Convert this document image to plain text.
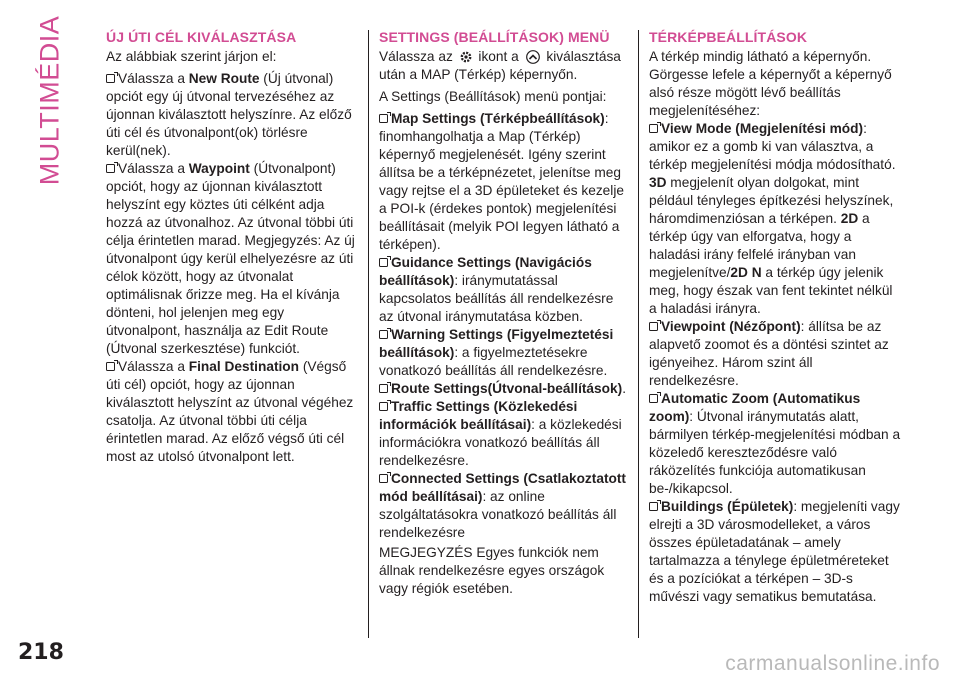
MULTIMÉDIA	ÚJ ÚTI CÉL KIVÁLASZTÁSA

Az alábbiak szerint járjon el:

Válassza a New Route (Új útvonal) opciót egy új útvonal tervezéséhez az újonnan kiválasztott helyszínre. Az előző úti cél és útvonalpont(ok) törlésre kerül(nek).
Válassza a Waypoint (Útvonalpont) opciót, hogy az újonnan kiválasztott helyszínt egy köztes úti célként adja hozzá az útvonalhoz. Az útvonal többi úti célja érintetlen marad. Megjegyzés: Az új útvonalpont úgy kerül elhelyezésre az úti célok között, hogy az útvonalat optimálisnak őrizze meg. Ha el kívánja dönteni, hol jelenjen meg egy útvonalpont, használja az Edit Route (Útvonal szerkesztése) funkciót.
Válassza a Final Destination (Végső úti cél) opciót, hogy az újonnan kiválasztott helyszínt az útvonal végéhez csatolja. Az útvonal többi úti célja érintetlen marad. Az előző végső úti cél most az utolsó útvonalpont lett.
SETTINGS (BEÁLLÍTÁSOK) MENÜ

Válassza az  ikont a  kiválasztása után a MAP (Térkép) képernyőn.

A Settings (Beállítások) menü pontjai:

Map Settings (Térképbeállítások): finomhangolhatja a Map (Térkép) képernyő megjelenését. Igény szerint állítsa be a térképnézetet, jelenítse meg vagy rejtse el a 3D épületeket és kezelje a POI-k (érdekes pontok) megjelenítési beállításait (melyik POI legyen látható a térképen).
Guidance Settings (Navigációs beállítások): iránymutatással kapcsolatos beállítás áll rendelkezésre az útvonal iránymutatása közben.
Warning Settings (Figyelmeztetési beállítások): a figyelmeztetésekre vonatkozó beállítás áll rendelkezésre.
Route Settings(Útvonal-beállítások).
Traffic Settings (Közlekedési információk beállításai): a közlekedési információkra vonatkozó beállítás áll rendelkezésre.
Connected Settings (Csatlakoztatott mód beállításai): az online szolgáltatásokra vonatkozó beállítás áll rendelkezésre

MEGJEGYZÉS Egyes funkciók nem állnak rendelkezésre egyes országok vagy régiók esetében.

TÉRKÉPBEÁLLÍTÁSOK

A térkép mindig látható a képernyőn. Görgesse lefele a képernyőt a képernyő alsó része mögött lévő beállítás megjelenítéséhez:

View Mode (Megjelenítési mód): amikor ez a gomb ki van választva, a térkép megjelenítési módja módosítható. 3D megjelenít olyan dolgokat, mint például tényleges építkezési helyszínek, háromdimenziósan a térképen. 2D a térkép úgy van elforgatva, hogy a haladási irány felfelé irányban van megjelenítve/2D N a térkép úgy jelenik meg, hogy észak van fent tekintet nélkül a haladási irányra.
Viewpoint (Nézőpont): állítsa be az alapvető zoomot és a döntési szintet az igényeihez. Három szint áll rendelkezésre.
Automatic Zoom (Automatikus zoom): Útvonal iránymutatás alatt, bármilyen térkép-megjelenítési módban a közeledő kereszteződésre való ráközelítés funkciója automatikusan be-/kikapcsol.
Buildings (Épületek): megjeleníti vagy elrejti a 3D városmodelleket, a város összes épületadatának – amely tartalmazza a ténylege épületméreteket és a pozíciókat a térképen – 3D-s művészi vagy sematikus bemutatása.
218	carmanualsonline.info
